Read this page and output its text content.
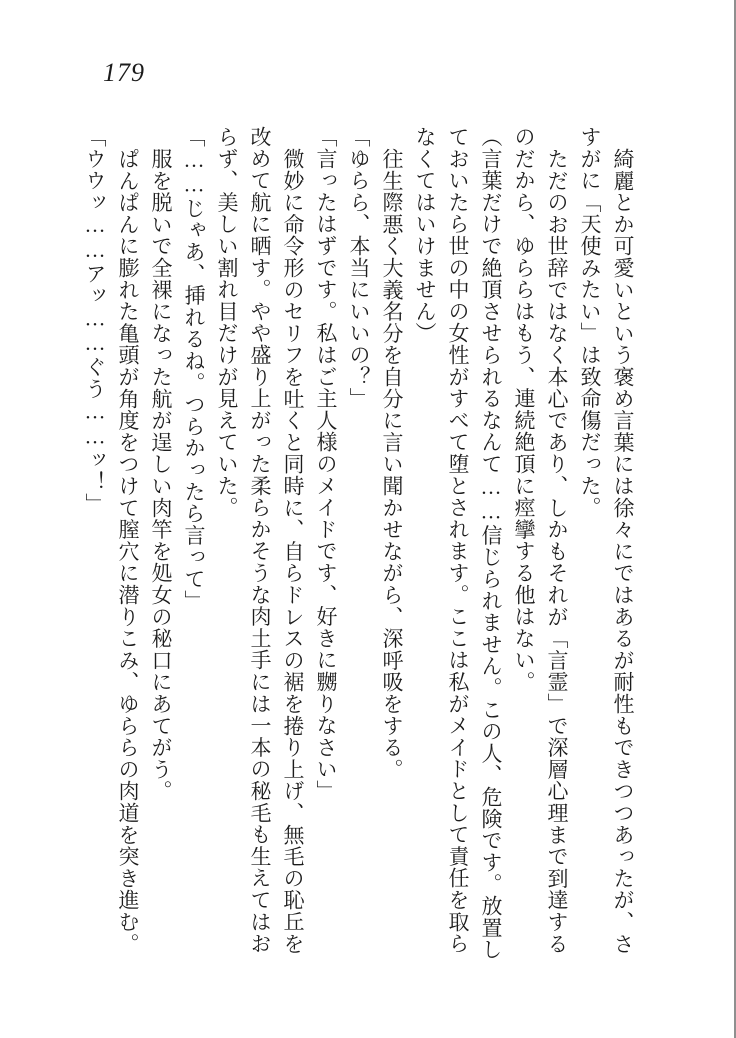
179

綺麗とか可愛いという褒め言葉には徐々にではあるが耐性もできつつあったが、さ

すがに「天使みたい」は致命傷だった。

ただのお世辞ではなく本心であり、しかもそれが「言霊」で深層心理まで到達する

のだから、ゆららはもう、連続絶頂に痙攣する他はない。

（言葉だけで絶頂させられるなんて……信じられません。この人、危険です。放置し

ておいたら世の中の女性がすべて堕とされます。ここは私がメイドとして責任を取ら

なくてはいけません）

往生際悪く大義名分を自分に言い聞かせながら、深呼吸をする。

「ゆらら、本当にいいの？」

「言ったはずです。私はご主人様のメイドです、好きに嬲りなさい」

微妙に命令形のセリフを吐くと同時に、自らドレスの裾を捲り上げ、無毛の恥丘を

改めて航に晒す。やや盛り上がった柔らかそうな肉土手には一本の秘毛も生えてはお

らず、美しい割れ目だけが見えていた。

「……じゃあ、挿れるね。つらかったら言って」

服を脱いで全裸になった航が逞しい肉竿を処女の秘口にあてがう。

ぱんぱんに膨れた亀頭が角度をつけて膣穴に潜りこみ、ゆららの肉道を突き進む。

「ウウッ……アッ……ぐう……ッ！」
